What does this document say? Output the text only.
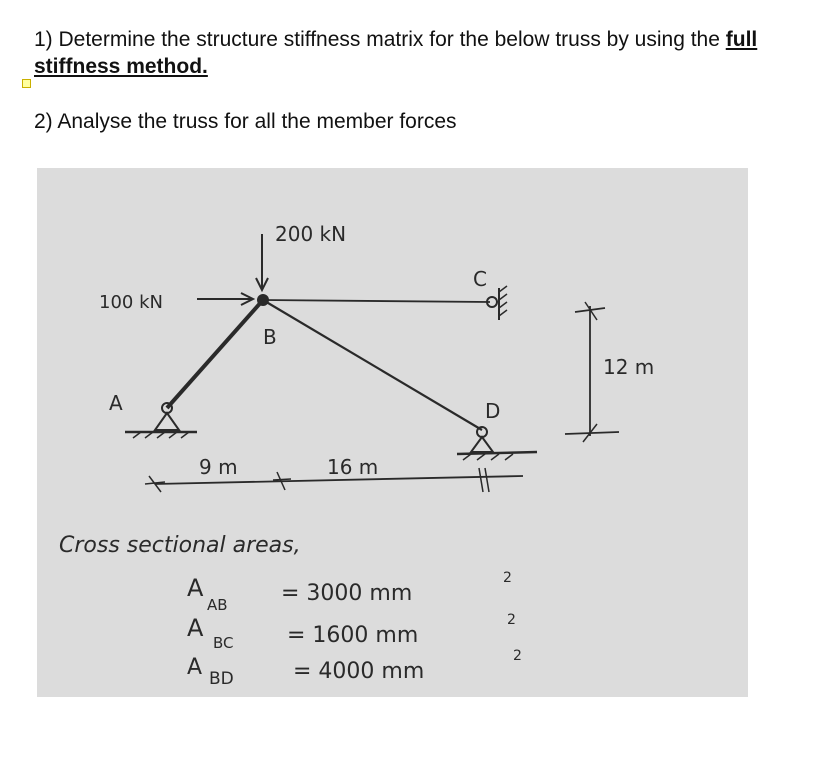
1) Determine the structure stiffness matrix for the below truss by using the full stiffness method.
2) Analyse the truss for all the member forces
200 kN
100 kN
B
A
C
D
12 m
9 m	16 m
Cross sectional areas,
A
AB = 3000 mm
2
A
BC = 1600 mm
2
A BD	= 4000 mm
2
